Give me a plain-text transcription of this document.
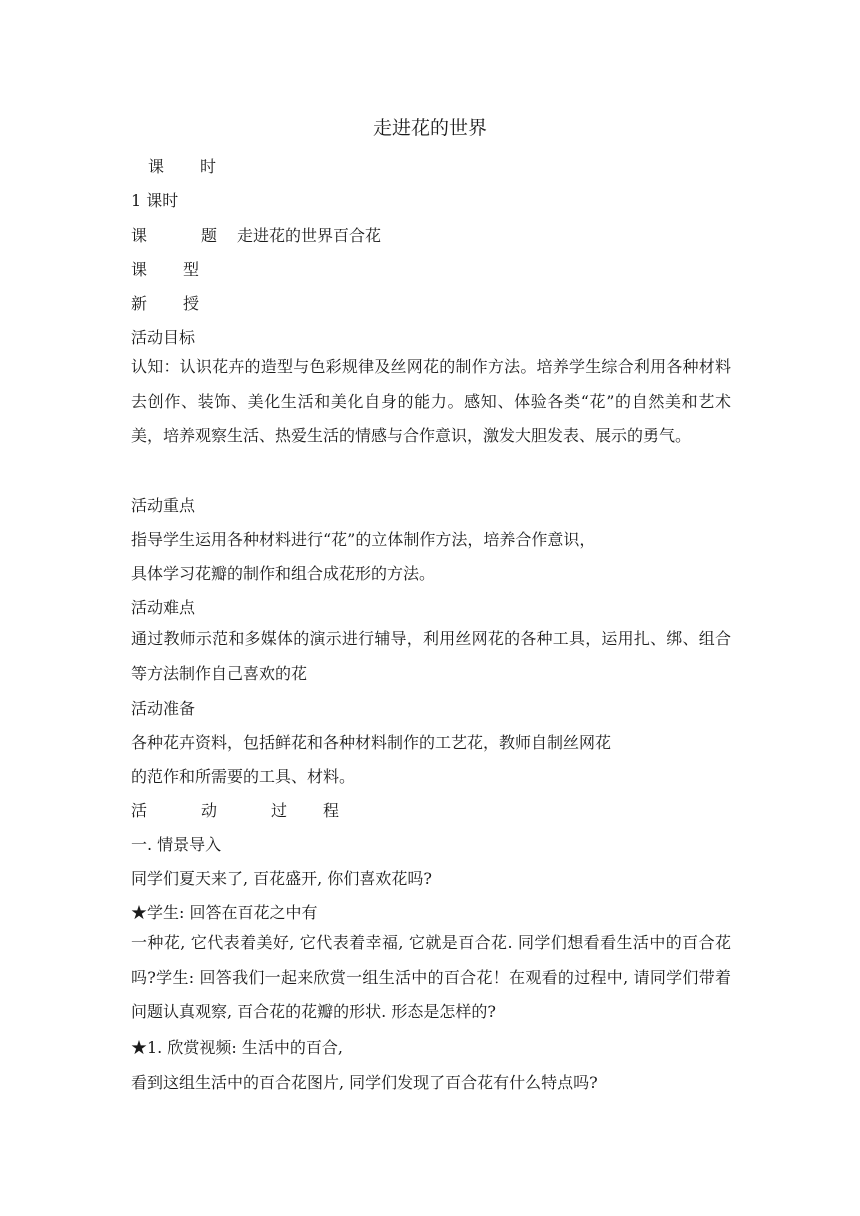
走进花的世界
课 时
1 课时
课	题 走进花的世界百合花
课 型
新 授
活动目标
认知：认识花卉的造型与色彩规律及丝网花的制作方法。培养学生综合利用各种材料去创作、装饰、美化生活和美化自身的能力。感知、体验各类“花”的自然美和艺术美，培养观察生活、热爱生活的情感与合作意识，激发大胆发表、展示的勇气。
活动重点
指导学生运用各种材料进行“花”的立体制作方法，培养合作意识，
具体学习花瓣的制作和组合成花形的方法。
活动难点
通过教师示范和多媒体的演示进行辅导，利用丝网花的各种工具，运用扎、绑、组合等方法制作自己喜欢的花
活动准备
各种花卉资料，包括鲜花和各种材料制作的工艺花，教师自制丝网花
的范作和所需要的工具、材料。
活	动	过 程
一. 情景导入
同学们夏天来了, 百花盛开, 你们喜欢花吗?
★学生: 回答在百花之中有
一种花, 它代表着美好, 它代表着幸福, 它就是百合花. 同学们想看看生活中的百合花吗?学生: 回答我们一起来欣赏一组生活中的百合花！在观看的过程中, 请同学们带着问题认真观察, 百合花的花瓣的形状. 形态是怎样的?
★1. 欣赏视频: 生活中的百合,
看到这组生活中的百合花图片, 同学们发现了百合花有什么特点吗?
